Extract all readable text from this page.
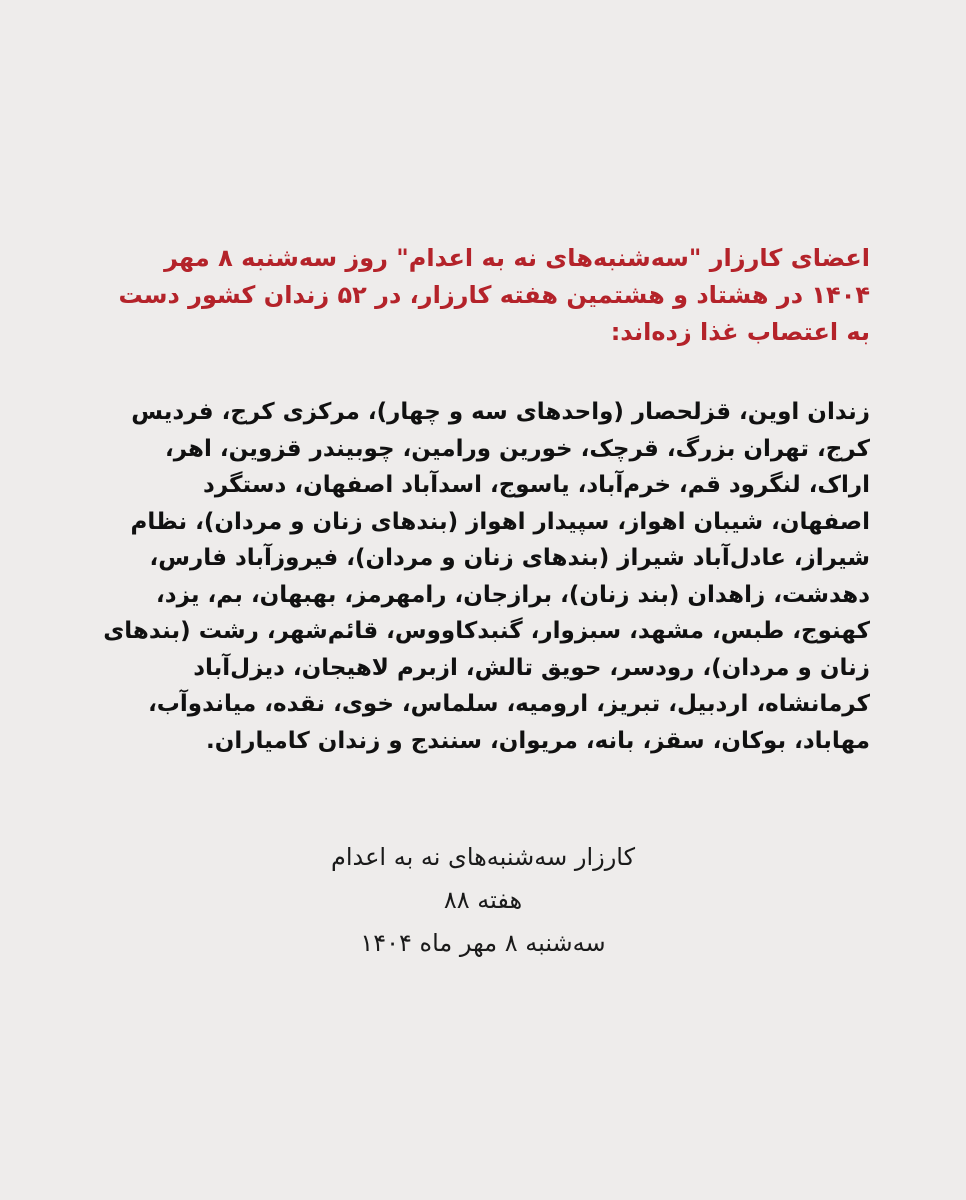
اعضای کارزار "سه‌شنبه‌های نه به اعدام" روز سه‌شنبه ۸ مهر ۱۴۰۴ در هشتاد و هشتمین هفته کارزار، در ۵۲ زندان کشور دست به اعتصاب غذا زده‌اند:

زندان اوین، قزلحصار (واحدهای سه و چهار)، مرکزی کرج، فردیس کرج، تهران بزرگ، قرچک، خورین ورامین، چوبیندر قزوین، اهر، اراک، لنگرود قم، خرم‌آباد، یاسوج، اسدآباد اصفهان، دستگرد اصفهان، شیبان اهواز، سپیدار اهواز (بندهای زنان و مردان)، نظام شیراز، عادل‌آباد شیراز (بندهای زنان و مردان)، فیروزآباد فارس، دهدشت، زاهدان (بند زنان)، برازجان، رامهرمز، بهبهان، بم، یزد، کهنوج، طبس، مشهد، سبزوار، گنبدکاووس، قائم‌شهر، رشت (بندهای زنان و مردان)، رودسر، حویق تالش، ازبرم لاهیجان، دیزل‌آباد کرمانشاه، اردبیل، تبریز، ارومیه، سلماس، خوی، نقده، میاندوآب، مهاباد، بوکان، سقز، بانه، مریوان، سنندج و زندان کامیاران.

کارزار سه‌شنبه‌های نه به اعدام
هفته ۸۸
سه‌شنبه ۸ مهر ماه ۱۴۰۴
